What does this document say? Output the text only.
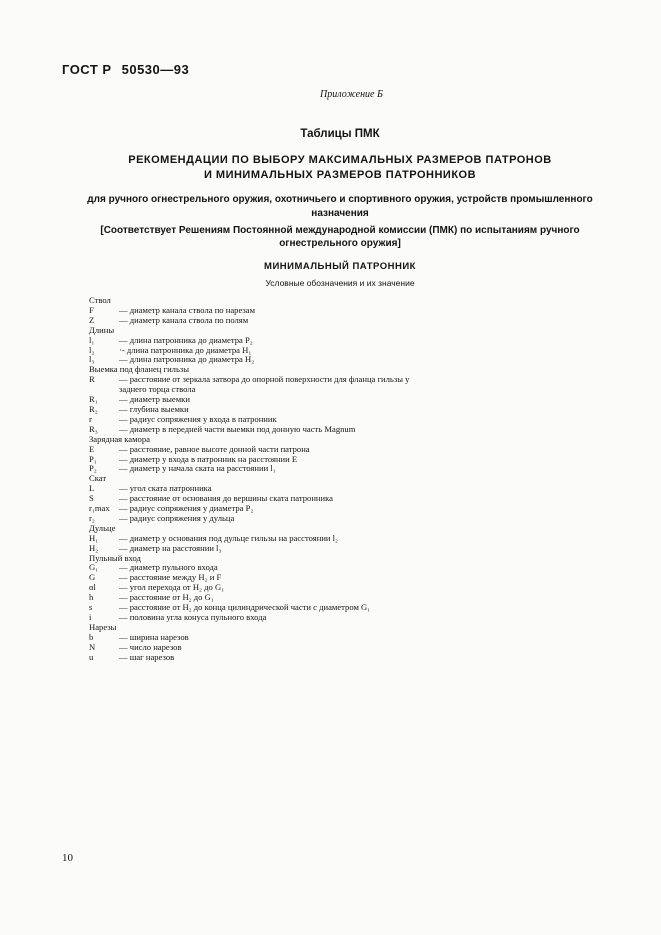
ГОСТ Р 50530—93
Приложение Б
Таблицы ПМК
РЕКОМЕНДАЦИИ ПО ВЫБОРУ МАКСИМАЛЬНЫХ РАЗМЕРОВ ПАТРОНОВ
И МИНИМАЛЬНЫХ РАЗМЕРОВ ПАТРОННИКОВ
для ручного огнестрельного оружия, охотничьего и спортивного оружия, устройств промышленного
назначения
[Соответствует Решениям Постоянной международной комиссии (ПМК) по испытаниям ручного
огнестрельного оружия]
МИНИМАЛЬНЫЙ ПАТРОННИК
Условные обозначения и их значение
Ствол
F	— диаметр канала ствола по нарезам
Z	— диаметр канала ствола по полям
Длины
l₁	— длина патронника до диаметра P₂
l₂	·- длина патронника до диаметра H₁
l₃	— длина патронника до диаметра H₂
Выемка под фланец гильзы
R	— расстояние от зеркала затвора до опорной поверхности для фланца гильзы у
заднего торца ствола
R₁	— диаметр выемки
R₂	— глубина выемки
r	— радиус сопряжения у входа в патронник
R₃	— диаметр в передней части выемки под донную часть Magnum
Зарядная камора
E	— расстояние, равное высоте донной части патрона
P₁	— диаметр у входа в патронник на расстоянии E
P₂	— диаметр у начала ската на расстоянии l₁
Скат
L	— угол ската патронника
S	— расстояние от основания до вершины ската патронника
r₁max	— радиус сопряжения у диаметра P₂
r₂	— радиус сопряжения у дульца
Дульце
H₁	— диаметр у основания под дульце гильзы на расстоянии l₂
H₂	— диаметр на расстоянии l₃
Пульный вход
G₁	— диаметр пульного входа
G	— расстояние между H₂ и F
αl	— угол перехода от H₂ до G₁
h	— расстояние от H₂ до G₁
s	— расстояние от H₂ до конца цилиндрической части с диаметром G₁
i	— половина угла конуса пульного входа
Нарезы
b	— ширина нарезов
N	— число нарезов
u	— шаг нарезов
10
